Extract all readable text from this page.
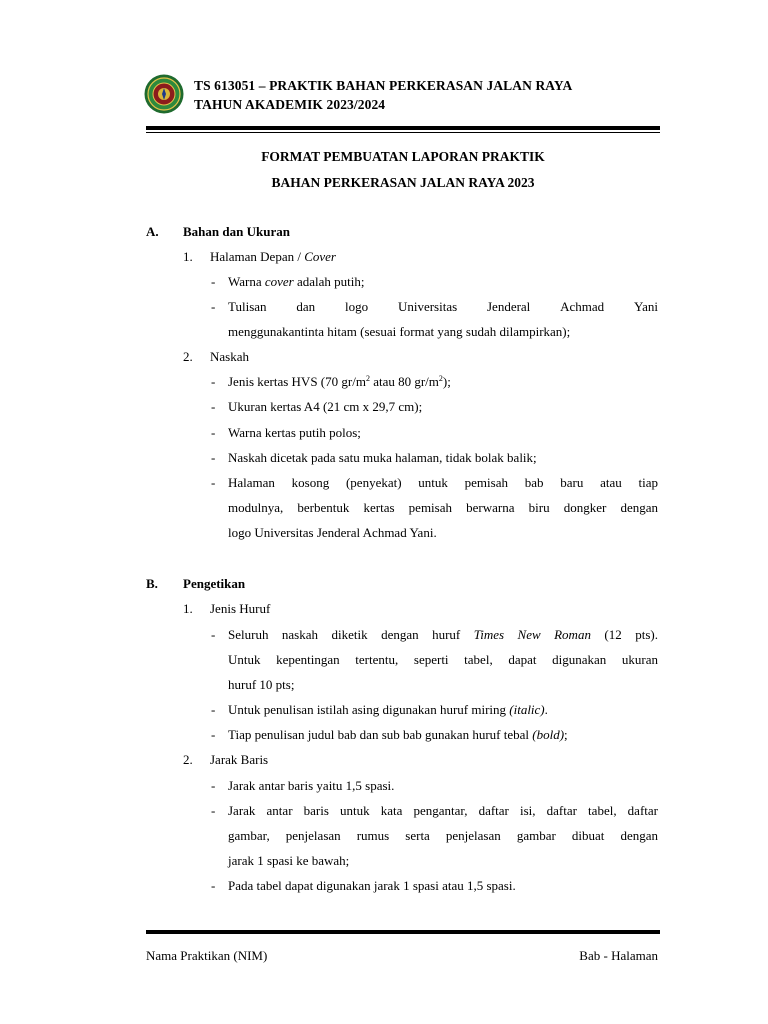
TS 613051 – PRAKTIK BAHAN PERKERASAN JALAN RAYA
TAHUN AKADEMIK 2023/2024
FORMAT PEMBUATAN LAPORAN PRAKTIK
BAHAN PERKERASAN JALAN RAYA 2023
A. Bahan dan Ukuran
1. Halaman Depan / Cover
- Warna cover adalah putih;
- Tulisan dan logo Universitas Jenderal Achmad Yani
menggunakantinta hitam (sesuai format yang sudah dilampirkan);
2. Naskah
- Jenis kertas HVS (70 $gr/m^2$ atau 80 $gr/m^2$);
- Ukuran kertas A4 (21 cm x 29,7 cm);
- Warna kertas putih polos;
- Naskah dicetak pada satu muka halaman, tidak bolak balik;
- Halaman kosong (penyekat) untuk pemisah bab baru atau tiap
modulnya, berbentuk kertas pemisah berwarna biru dongker dengan
logo Universitas Jenderal Achmad Yani.
B. Pengetikan
1. Jenis Huruf
- Seluruh naskah diketik dengan huruf Times New Roman (12 pts).
Untuk kepentingan tertentu, seperti tabel, dapat digunakan ukuran
huruf 10 pts;
- Untuk penulisan istilah asing digunakan huruf miring (italic).
- Tiap penulisan judul bab dan sub bab gunakan huruf tebal (bold);
2. Jarak Baris
- Jarak antar baris yaitu 1,5 spasi.
- Jarak antar baris untuk kata pengantar, daftar isi, daftar tabel, daftar
gambar, penjelasan rumus serta penjelasan gambar dibuat dengan
jarak 1 spasi ke bawah;
- Pada tabel dapat digunakan jarak 1 spasi atau 1,5 spasi.
Nama Praktikan (NIM)	Bab - Halaman
